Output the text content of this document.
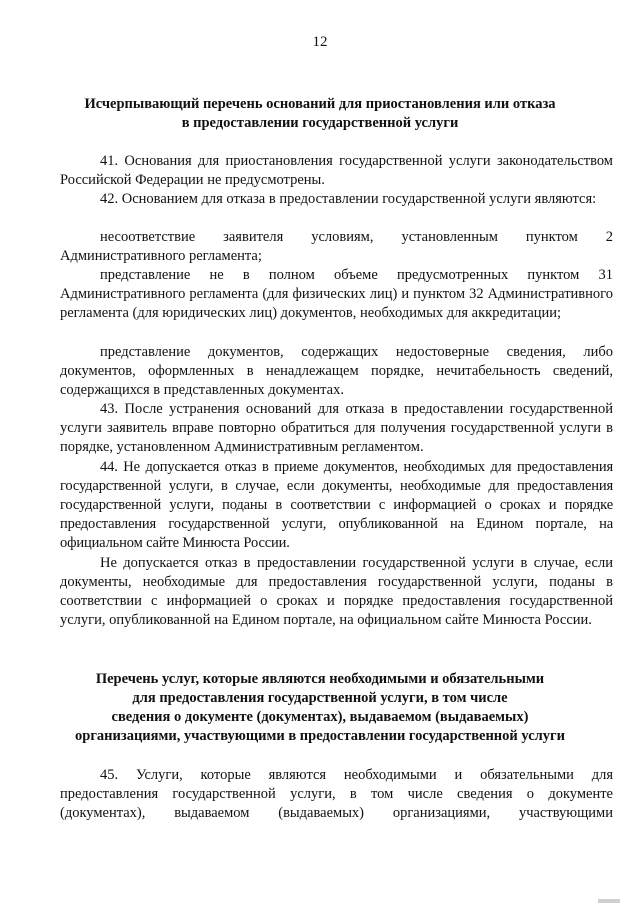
12
Исчерпывающий перечень оснований для приостановления или отказа
в предоставлении государственной услуги
41. Основания для приостановления государственной услуги законодательством Российской Федерации не предусмотрены.
42. Основанием для отказа в предоставлении государственной услуги являются:
несоответствие заявителя условиям, установленным пунктом 2 Административного регламента;
представление не в полном объеме предусмотренных пунктом 31 Административного регламента (для физических лиц) и пунктом 32 Административного регламента (для юридических лиц) документов, необходимых для аккредитации;
представление документов, содержащих недостоверные сведения, либо документов, оформленных в ненадлежащем порядке, нечитабельность сведений, содержащихся в представленных документах.
43. После устранения оснований для отказа в предоставлении государственной услуги заявитель вправе повторно обратиться для получения государственной услуги в порядке, установленном Административным регламентом.
44. Не допускается отказ в приеме документов, необходимых для предоставления государственной услуги, в случае, если документы, необходимые для предоставления государственной услуги, поданы в соответствии с информацией о сроках и порядке предоставления государственной услуги, опубликованной на Едином портале, на официальном сайте Минюста России.
Не допускается отказ в предоставлении государственной услуги в случае, если документы, необходимые для предоставления государственной услуги, поданы в соответствии с информацией о сроках и порядке предоставления государственной услуги, опубликованной на Едином портале, на официальном сайте Минюста России.
Перечень услуг, которые являются необходимыми и обязательными
для предоставления государственной услуги, в том числе
сведения о документе (документах), выдаваемом (выдаваемых)
организациями, участвующими в предоставлении государственной услуги
45. Услуги, которые являются необходимыми и обязательными для предоставления государственной услуги, в том числе сведения о документе (документах), выдаваемом (выдаваемых) организациями, участвующими
